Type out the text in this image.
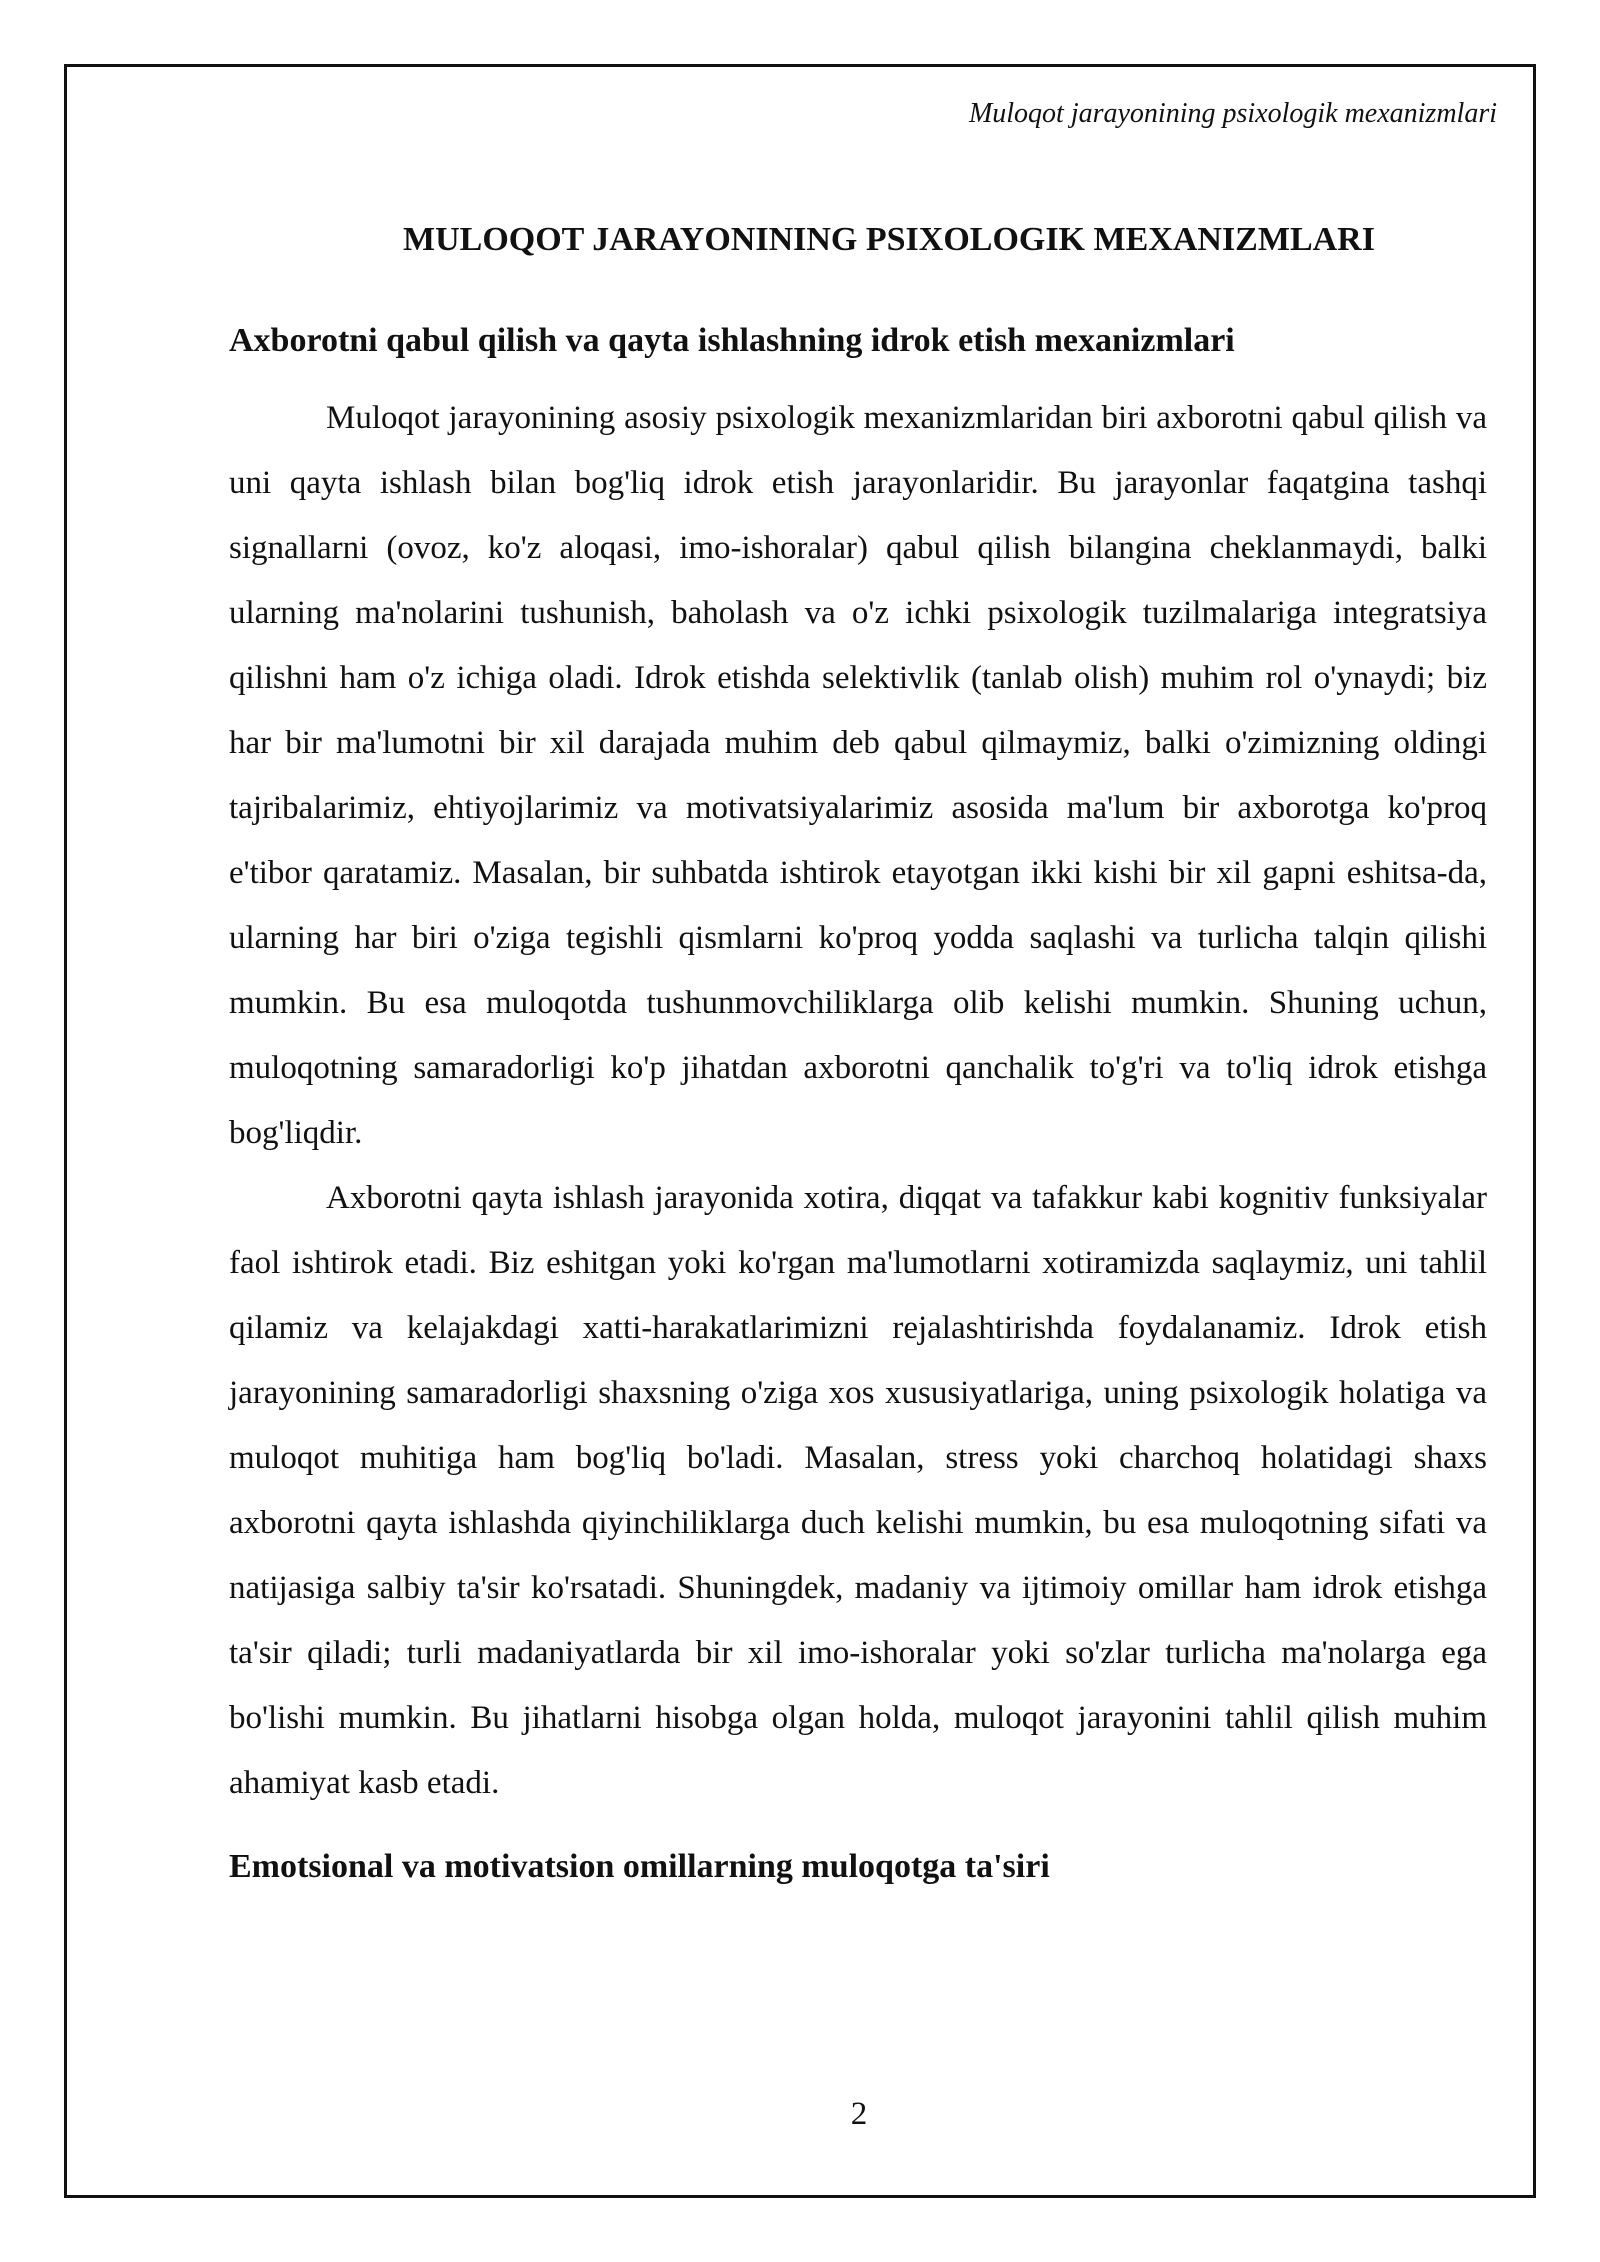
Muloqot jarayonining psixologik mexanizmlari
MULOQOT JARAYONINING PSIXOLOGIK MEXANIZMLARI
Axborotni qabul qilish va qayta ishlashning idrok etish mexanizmlari

Muloqot jarayonining asosiy psixologik mexanizmlaridan biri axborotni qabul qilish va uni qayta ishlash bilan bog'liq idrok etish jarayonlaridir. Bu jarayonlar faqatgina tashqi signallarni (ovoz, ko'z aloqasi, imo-ishoralar) qabul qilish bilangina cheklanmaydi, balki ularning ma'nolarini tushunish, baholash va o'z ichki psixologik tuzilmalariga integratsiya qilishni ham o'z ichiga oladi. Idrok etishda selektivlik (tanlab olish) muhim rol o'ynaydi; biz har bir ma'lumotni bir xil darajada muhim deb qabul qilmaymiz, balki o'zimizning oldingi tajribalarimiz, ehtiyojlarimiz va motivatsiyalarimiz asosida ma'lum bir axborotga ko'proq e'tibor qaratamiz. Masalan, bir suhbatda ishtirok etayotgan ikki kishi bir xil gapni eshitsa-da, ularning har biri o'ziga tegishli qismlarni ko'proq yodda saqlashi va turlicha talqin qilishi mumkin. Bu esa muloqotda tushunmovchiliklarga olib kelishi mumkin. Shuning uchun, muloqotning samaradorligi ko'p jihatdan axborotni qanchalik to'g'ri va to'liq idrok etishga bog'liqdir.

Axborotni qayta ishlash jarayonida xotira, diqqat va tafakkur kabi kognitiv funksiyalar faol ishtirok etadi. Biz eshitgan yoki ko'rgan ma'lumotlarni xotiramizda saqlaymiz, uni tahlil qilamiz va kelajakdagi xatti-harakatlarimizni rejalashtirishda foydalanamiz. Idrok etish jarayonining samaradorligi shaxsning o'ziga xos xususiyatlariga, uning psixologik holatiga va muloqot muhitiga ham bog'liq bo'ladi. Masalan, stress yoki charchoq holatidagi shaxs axborotni qayta ishlashda qiyinchiliklarga duch kelishi mumkin, bu esa muloqotning sifati va natijasiga salbiy ta'sir ko'rsatadi. Shuningdek, madaniy va ijtimoiy omillar ham idrok etishga ta'sir qiladi; turli madaniyatlarda bir xil imo-ishoralar yoki so'zlar turlicha ma'nolarga ega bo'lishi mumkin. Bu jihatlarni hisobga olgan holda, muloqot jarayonini tahlil qilish muhim ahamiyat kasb etadi.

Emotsional va motivatsion omillarning muloqotga ta'siri
2
